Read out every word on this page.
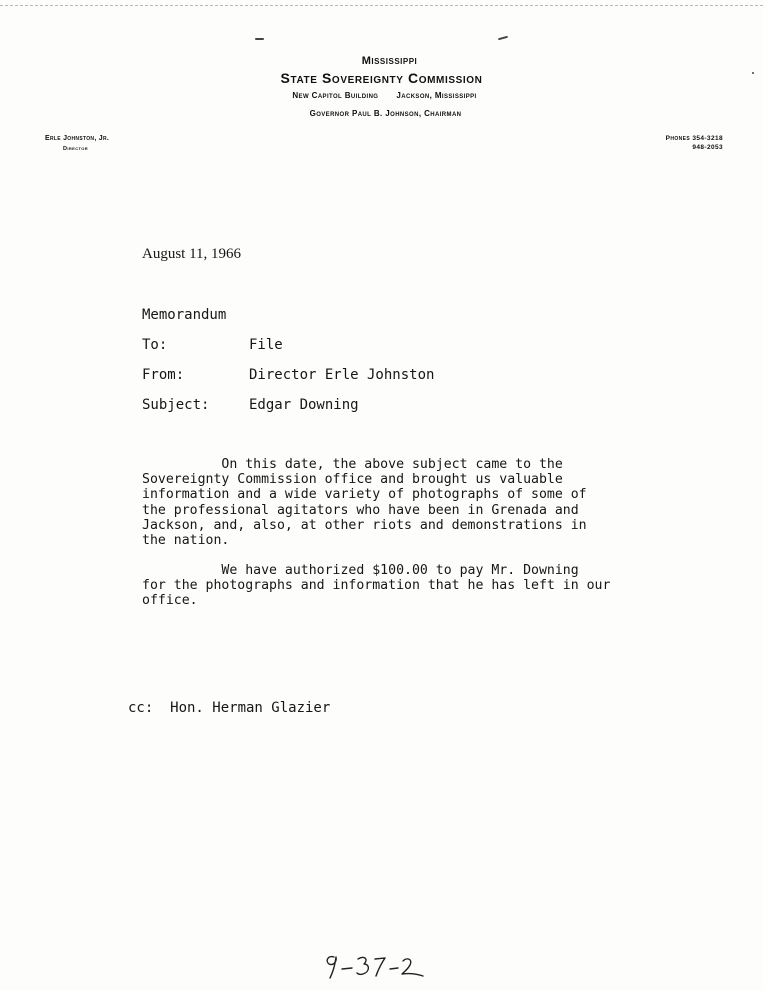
Mississippi
State Sovereignty Commission
New Capitol Building Jackson, Mississippi
Governor Paul B. Johnson, Chairman
Erle Johnston, Jr.
Director
Phones 354-3218
948-2053
August 11, 1966
Memorandum
To:	File
From:	Director Erle Johnston
Subject:	Edgar Downing
On this date, the above subject came to the
Sovereignty Commission office and brought us valuable
information and a wide variety of photographs of some of
the professional agitators who have been in Grenada and
Jackson, and, also, at other riots and demonstrations in
the nation.
We have authorized $100.00 to pay Mr. Downing
for the photographs and information that he has left in our
office.
cc:  Hon. Herman Glazier
